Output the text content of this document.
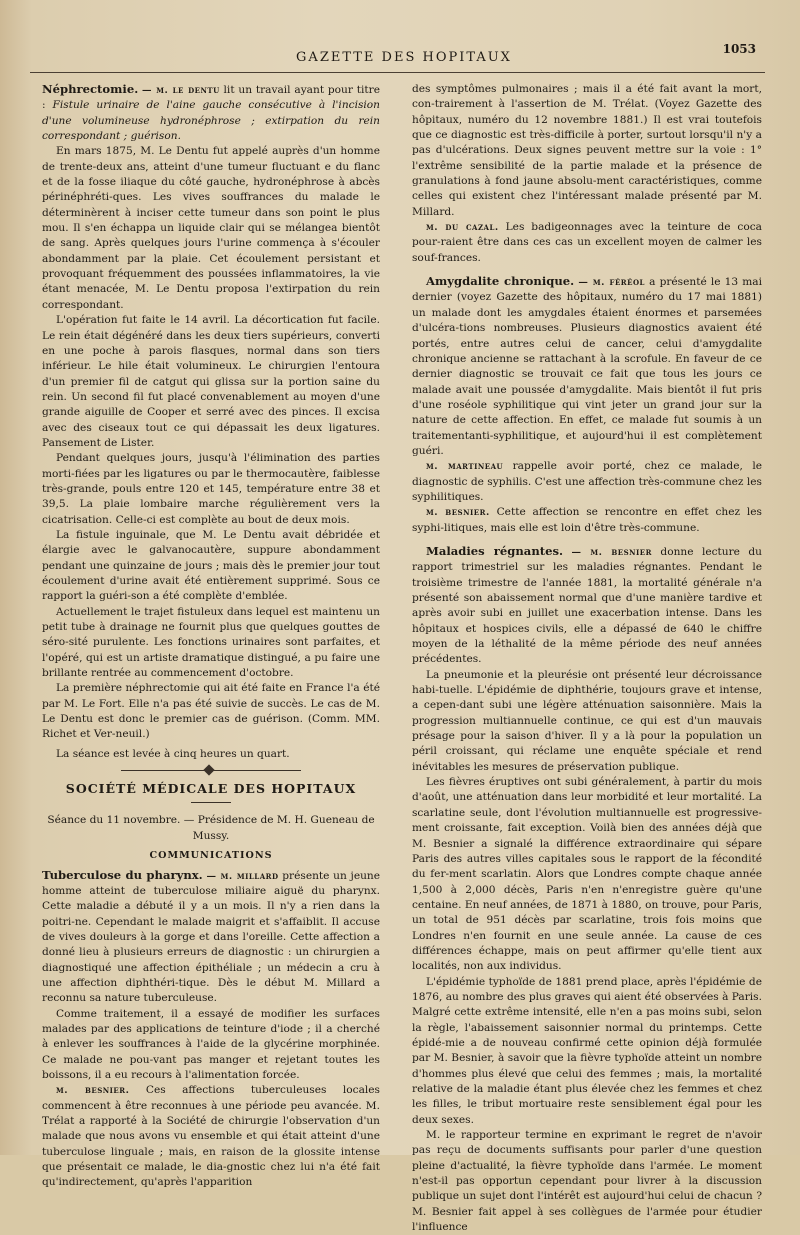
GAZETTE DES HOPITAUX
1053

Néphrectomie. — m. le dentu lit un travail ayant pour titre : Fistule urinaire de l'aine gauche consécutive à l'incision d'une volumineuse hydronéphrose ; extirpation du rein correspondant ; guérison.

En mars 1875, M. Le Dentu fut appelé auprès d'un homme de trente-deux ans, atteint d'une tumeur fluctuant e du flanc et de la fosse iliaque du côté gauche, hydronéphrose à abcès périnéphréti-ques. Les vives souffrances du malade le déterminèrent à inciser cette tumeur dans son point le plus mou. Il s'en échappa un liquide clair qui se mélangea bientôt de sang. Après quelques jours l'urine commença à s'écouler abondamment par la plaie. Cet écoulement persistant et provoquant fréquemment des poussées inflammatoires, la vie étant menacée, M. Le Dentu proposa l'extirpation du rein correspondant.

L'opération fut faite le 14 avril. La décortication fut facile. Le rein était dégénéré dans les deux tiers supérieurs, converti en une poche à parois flasques, normal dans son tiers inférieur. Le hile était volumineux. Le chirurgien l'entoura d'un premier fil de catgut qui glissa sur la portion saine du rein. Un second fil fut placé convenablement au moyen d'une grande aiguille de Cooper et serré avec des pinces. Il excisa avec des ciseaux tout ce qui dépassait les deux ligatures. Pansement de Lister.

Pendant quelques jours, jusqu'à l'élimination des parties morti-fiées par les ligatures ou par le thermocautère, faiblesse très-grande, pouls entre 120 et 145, température entre 38 et 39,5. La plaie lombaire marche régulièrement vers la cicatrisation. Celle-ci est complète au bout de deux mois.

La fistule inguinale, que M. Le Dentu avait débridée et élargie avec le galvanocautère, suppure abondamment pendant une quinzaine de jours ; mais dès le premier jour tout écoulement d'urine avait été entièrement supprimé. Sous ce rapport la guéri-son a été complète d'emblée.

Actuellement le trajet fistuleux dans lequel est maintenu un petit tube à drainage ne fournit plus que quelques gouttes de séro-sité purulente. Les fonctions urinaires sont parfaites, et l'opéré, qui est un artiste dramatique distingué, a pu faire une brillante rentrée au commencement d'octobre.

La première néphrectomie qui ait été faite en France l'a été par M. Le Fort. Elle n'a pas été suivie de succès. Le cas de M. Le Dentu est donc le premier cas de guérison. (Comm. MM. Richet et Ver-neuil.)

La séance est levée à cinq heures un quart.

SOCIÉTÉ MÉDICALE DES HOPITAUX

Séance du 11 novembre. — Présidence de M. H. Gueneau de Mussy.

COMMUNICATIONS

Tuberculose du pharynx. — m. millard présente un jeune homme atteint de tuberculose miliaire aiguë du pharynx. Cette maladie a débuté il y a un mois. Il n'y a rien dans la poitri-ne. Cependant le malade maigrit et s'affaiblit. Il accuse de vives douleurs à la gorge et dans l'oreille. Cette affection a donné lieu à plusieurs erreurs de diagnostic : un chirurgien a diagnostiqué une affection épithéliale ; un médecin a cru à une affection diphthéri-tique. Dès le début M. Millard a reconnu sa nature tuberculeuse.

Comme traitement, il a essayé de modifier les surfaces malades par des applications de teinture d'iode ; il a cherché à enlever les souffrances à l'aide de la glycérine morphinée. Ce malade ne pou-vant pas manger et rejetant toutes les boissons, il a eu recours à l'alimentation forcée.

m. besnier. Ces affections tuberculeuses locales commencent à être reconnues à une période peu avancée. M. Trélat a rapporté à la Société de chirurgie l'observation d'un malade que nous avons vu ensemble et qui était atteint d'une tuberculose linguale ; mais, en raison de la glossite intense que présentait ce malade, le dia-gnostic chez lui n'a été fait qu'indirectement, qu'après l'apparition

des symptômes pulmonaires ; mais il a été fait avant la mort, con-trairement à l'assertion de M. Trélat. (Voyez Gazette des hôpitaux, numéro du 12 novembre 1881.) Il est vrai toutefois que ce diagnostic est très-difficile à porter, surtout lorsqu'il n'y a pas d'ulcérations. Deux signes peuvent mettre sur la voie : 1° l'extrême sensibilité de la partie malade et la présence de granulations à fond jaune absolu-ment caractéristiques, comme celles qui existent chez l'intéressant malade présenté par M. Millard.

m. du cazal. Les badigeonnages avec la teinture de coca pour-raient être dans ces cas un excellent moyen de calmer les souf-frances.

Amygdalite chronique. — m. féréol a présenté le 13 mai dernier (voyez Gazette des hôpitaux, numéro du 17 mai 1881) un malade dont les amygdales étaient énormes et parsemées d'ulcéra-tions nombreuses. Plusieurs diagnostics avaient été portés, entre autres celui de cancer, celui d'amygdalite chronique ancienne se rattachant à la scrofule. En faveur de ce dernier diagnostic se trouvait ce fait que tous les jours ce malade avait une poussée d'amygdalite. Mais bientôt il fut pris d'une roséole syphilitique qui vint jeter un grand jour sur la nature de cette affection. En effet, ce malade fut soumis à un traitementanti-syphilitique, et aujourd'hui il est complètement guéri.

m. martineau rappelle avoir porté, chez ce malade, le diagnostic de syphilis. C'est une affection très-commune chez les syphilitiques.

m. besnier. Cette affection se rencontre en effet chez les syphi-litiques, mais elle est loin d'être très-commune.

Maladies régnantes. — m. besnier donne lecture du rapport trimestriel sur les maladies régnantes. Pendant le troisième trimestre de l'année 1881, la mortalité générale n'a présenté son abaissement normal que d'une manière tardive et après avoir subi en juillet une exacerbation intense. Dans les hôpitaux et hospices civils, elle a dépassé de 640 le chiffre moyen de la léthalité de la même période des neuf années précédentes.

La pneumonie et la pleurésie ont présenté leur décroissance habi-tuelle. L'épidémie de diphthérie, toujours grave et intense, a cepen-dant subi une légère atténuation saisonnière. Mais la progression multiannuelle continue, ce qui est d'un mauvais présage pour la saison d'hiver. Il y a là pour la population un péril croissant, qui réclame une enquête spéciale et rend inévitables les mesures de préservation publique.

Les fièvres éruptives ont subi généralement, à partir du mois d'août, une atténuation dans leur morbidité et leur mortalité. La scarlatine seule, dont l'évolution multiannuelle est progressive-ment croissante, fait exception. Voilà bien des années déjà que M. Besnier a signalé la différence extraordinaire qui sépare Paris des autres villes capitales sous le rapport de la fécondité du fer-ment scarlatin. Alors que Londres compte chaque année 1,500 à 2,000 décès, Paris n'en n'enregistre guère qu'une centaine. En neuf années, de 1871 à 1880, on trouve, pour Paris, un total de 951 décès par scarlatine, trois fois moins que Londres n'en fournit en une seule année. La cause de ces différences échappe, mais on peut affirmer qu'elle tient aux localités, non aux individus.

L'épidémie typhoïde de 1881 prend place, après l'épidémie de 1876, au nombre des plus graves qui aient été observées à Paris. Malgré cette extrême intensité, elle n'en a pas moins subi, selon la règle, l'abaissement saisonnier normal du printemps. Cette épidé-mie a de nouveau confirmé cette opinion déjà formulée par M. Besnier, à savoir que la fièvre typhoïde atteint un nombre d'hommes plus élevé que celui des femmes ; mais, la mortalité relative de la maladie étant plus élevée chez les femmes et chez les filles, le tribut mortuaire reste sensiblement égal pour les deux sexes.

M. le rapporteur termine en exprimant le regret de n'avoir pas reçu de documents suffisants pour parler d'une question pleine d'actualité, la fièvre typhoïde dans l'armée. Le moment n'est-il pas opportun cependant pour livrer à la discussion publique un sujet dont l'intérêt est aujourd'hui celui de chacun ? M. Besnier fait appel à ses collègues de l'armée pour étudier l'influence
